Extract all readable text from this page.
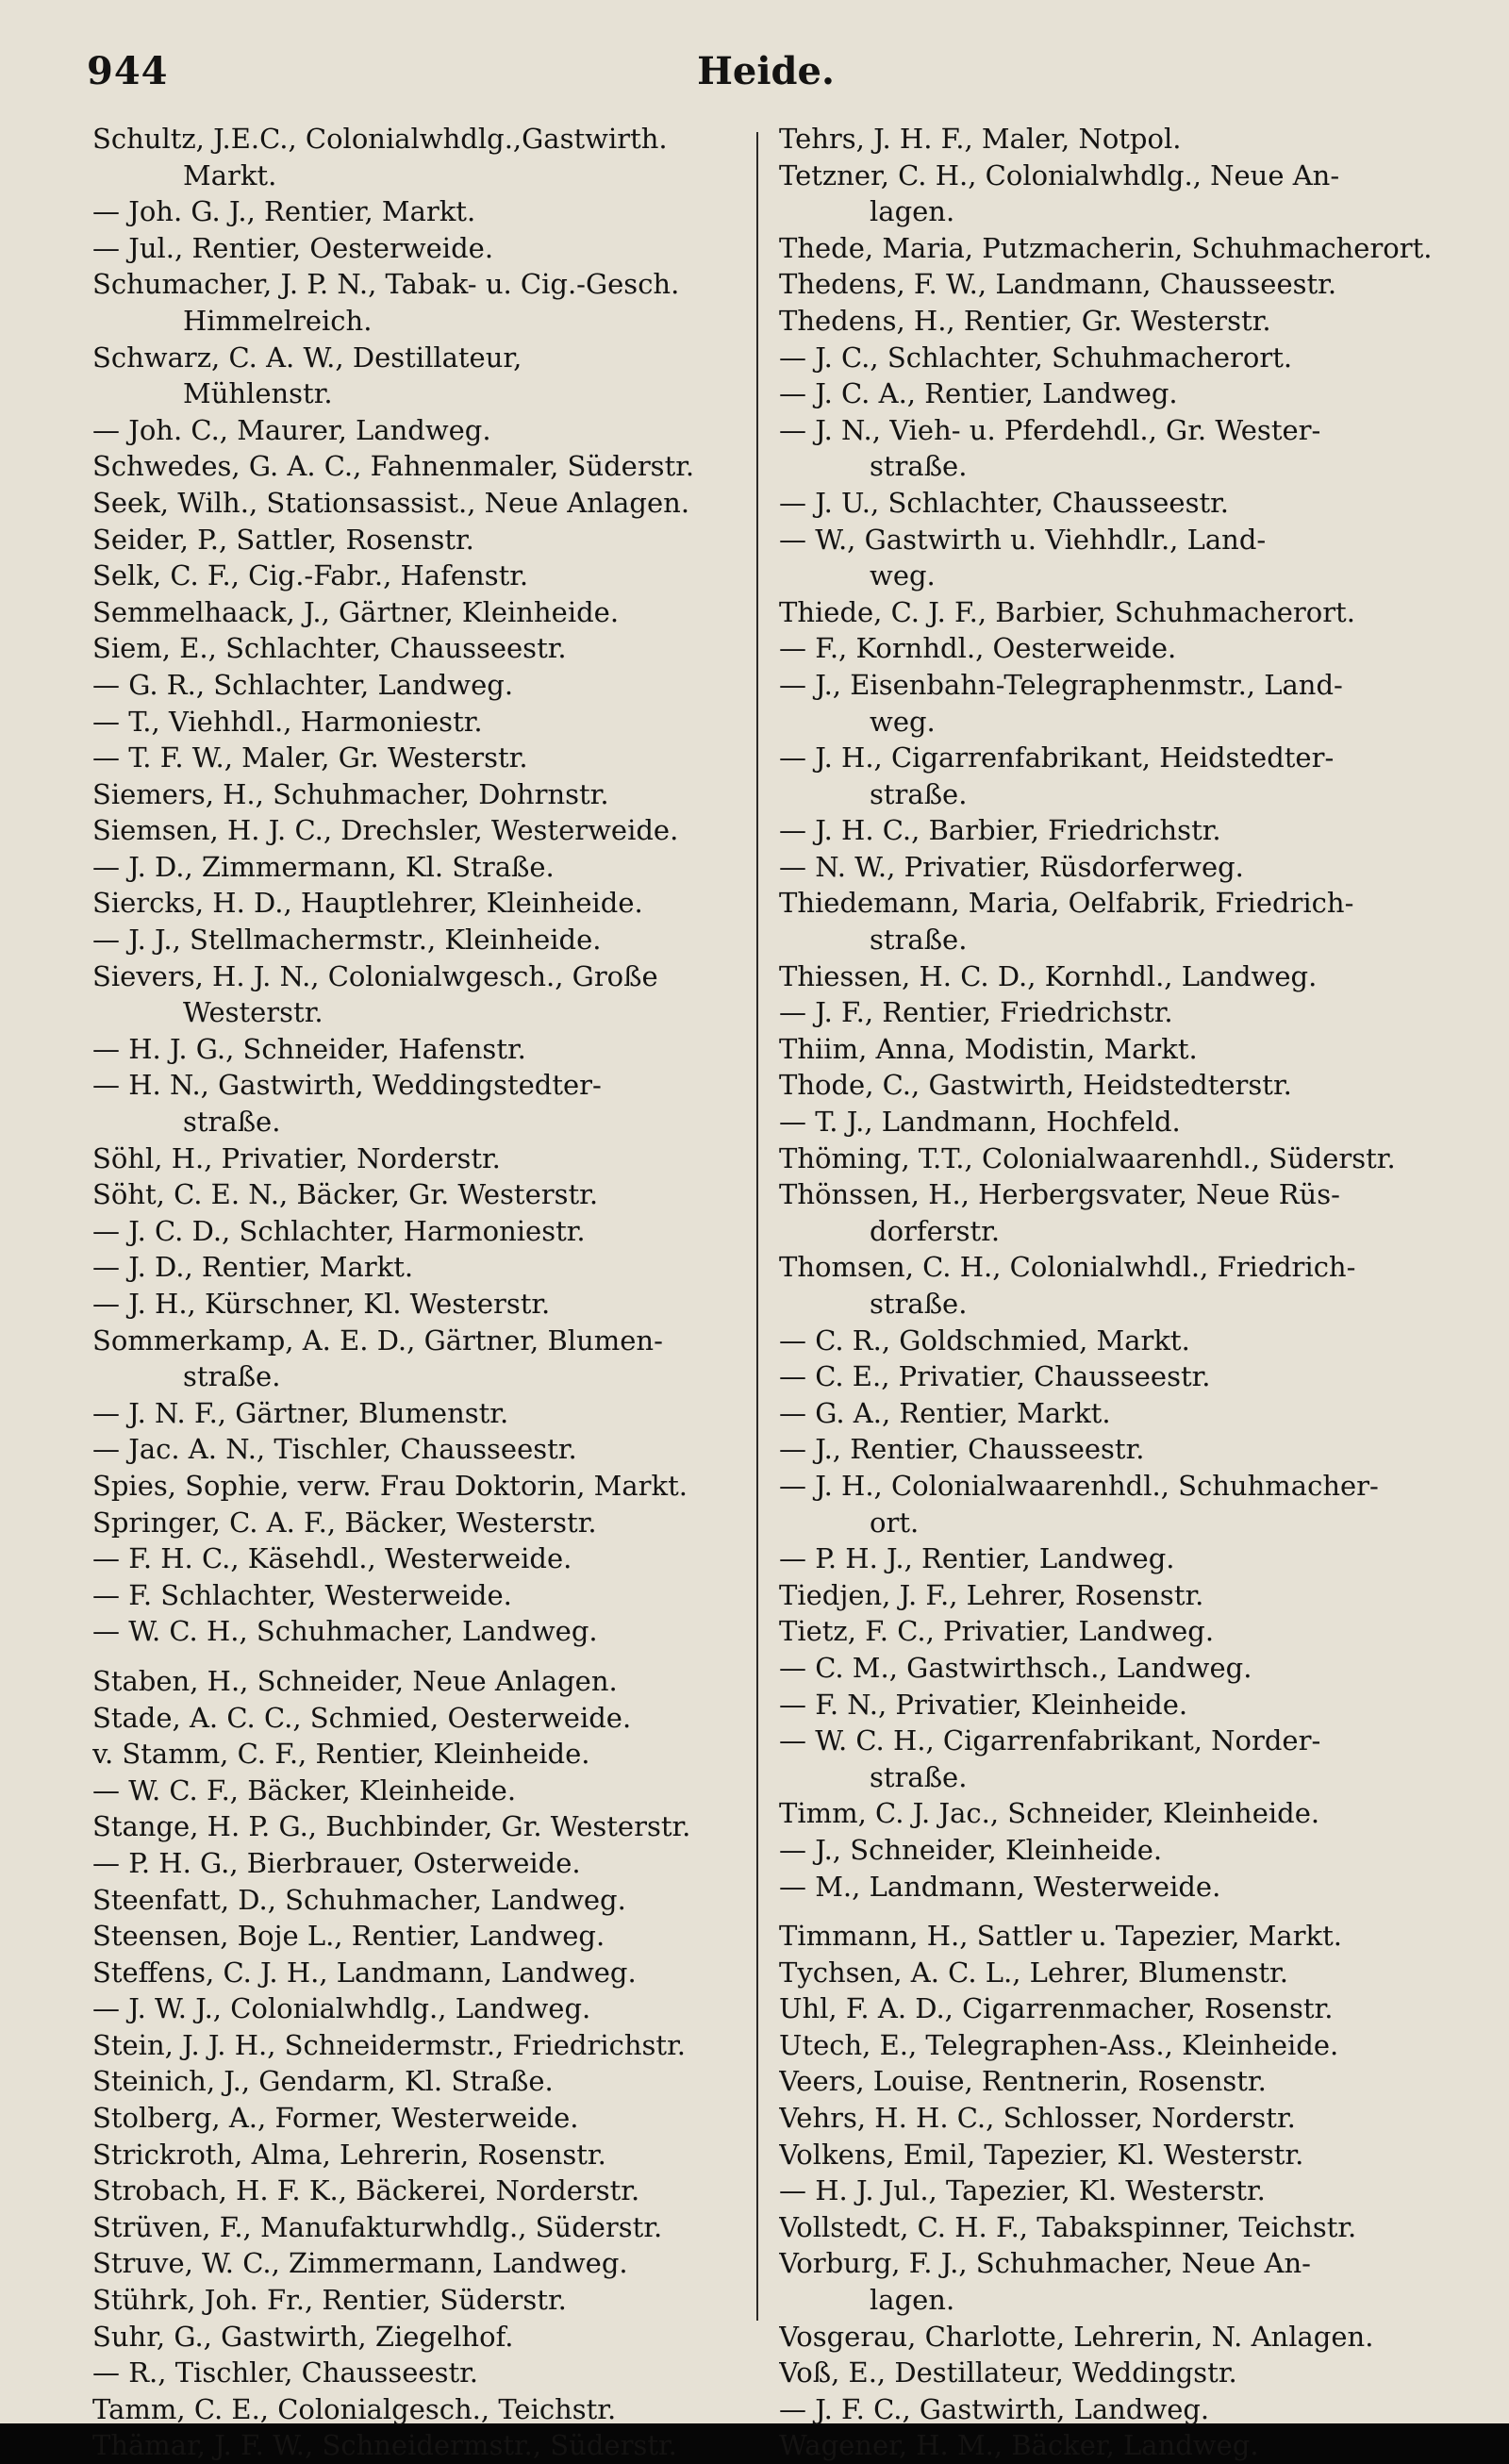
944	Heide.
Schultz, J.E.C., Colonialwhdlg.,Gastwirth.
Markt.
— Joh. G. J., Rentier, Markt.
— Jul., Rentier, Oesterweide.
Schumacher, J. P. N., Tabak- u. Cig.-Gesch.
Himmelreich.
Schwarz, C. A. W., Destillateur,
Mühlenstr.
— Joh. C., Maurer, Landweg.
Schwedes, G. A. C., Fahnenmaler, Süderstr.
Seek, Wilh., Stationsassist., Neue Anlagen.
Seider, P., Sattler, Rosenstr.
Selk, C. F., Cig.-Fabr., Hafenstr.
Semmelhaack, J., Gärtner, Kleinheide.
Siem, E., Schlachter, Chausseestr.
— G. R., Schlachter, Landweg.
— T., Viehhdl., Harmoniestr.
— T. F. W., Maler, Gr. Westerstr.
Siemers, H., Schuhmacher, Dohrnstr.
Siemsen, H. J. C., Drechsler, Westerweide.
— J. D., Zimmermann, Kl. Straße.
Siercks, H. D., Hauptlehrer, Kleinheide.
— J. J., Stellmachermstr., Kleinheide.
Sievers, H. J. N., Colonialwgesch., Große
Westerstr.
— H. J. G., Schneider, Hafenstr.
— H. N., Gastwirth, Weddingstedter-
straße.
Söhl, H., Privatier, Norderstr.
Söht, C. E. N., Bäcker, Gr. Westerstr.
— J. C. D., Schlachter, Harmoniestr.
— J. D., Rentier, Markt.
— J. H., Kürschner, Kl. Westerstr.
Sommerkamp, A. E. D., Gärtner, Blumen-
straße.
— J. N. F., Gärtner, Blumenstr.
— Jac. A. N., Tischler, Chausseestr.
Spies, Sophie, verw. Frau Doktorin, Markt.
Springer, C. A. F., Bäcker, Westerstr.
— F. H. C., Käsehdl., Westerweide.
— F. Schlachter, Westerweide.
— W. C. H., Schuhmacher, Landweg.
Staben, H., Schneider, Neue Anlagen.
Stade, A. C. C., Schmied, Oesterweide.
v. Stamm, C. F., Rentier, Kleinheide.
— W. C. F., Bäcker, Kleinheide.
Stange, H. P. G., Buchbinder, Gr. Westerstr.
— P. H. G., Bierbrauer, Osterweide.
Steenfatt, D., Schuhmacher, Landweg.
Steensen, Boje L., Rentier, Landweg.
Steffens, C. J. H., Landmann, Landweg.
— J. W. J., Colonialwhdlg., Landweg.
Stein, J. J. H., Schneidermstr., Friedrichstr.
Steinich, J., Gendarm, Kl. Straße.
Stolberg, A., Former, Westerweide.
Strickroth, Alma, Lehrerin, Rosenstr.
Strobach, H. F. K., Bäckerei, Norderstr.
Strüven, F., Manufakturwhdlg., Süderstr.
Struve, W. C., Zimmermann, Landweg.
Stührk, Joh. Fr., Rentier, Süderstr.
Suhr, G., Gastwirth, Ziegelhof.
— R., Tischler, Chausseestr.
Tamm, C. E., Colonialgesch., Teichstr.
Thämar, J. F. W., Schneidermstr., Süderstr.
Tehrs, J. H. F., Maler, Notpol.
Tetzner, C. H., Colonialwhdlg., Neue An-
lagen.
Thede, Maria, Putzmacherin, Schuhmacherort.
Thedens, F. W., Landmann, Chausseestr.
Thedens, H., Rentier, Gr. Westerstr.
— J. C., Schlachter, Schuhmacherort.
— J. C. A., Rentier, Landweg.
— J. N., Vieh- u. Pferdehdl., Gr. Wester-
straße.
— J. U., Schlachter, Chausseestr.
— W., Gastwirth u. Viehhdlr., Land-
weg.
Thiede, C. J. F., Barbier, Schuhmacherort.
— F., Kornhdl., Oesterweide.
— J., Eisenbahn-Telegraphenmstr., Land-
weg.
— J. H., Cigarrenfabrikant, Heidstedter-
straße.
— J. H. C., Barbier, Friedrichstr.
— N. W., Privatier, Rüsdorferweg.
Thiedemann, Maria, Oelfabrik, Friedrich-
straße.
Thiessen, H. C. D., Kornhdl., Landweg.
— J. F., Rentier, Friedrichstr.
Thiim, Anna, Modistin, Markt.
Thode, C., Gastwirth, Heidstedterstr.
— T. J., Landmann, Hochfeld.
Thöming, T.T., Colonialwaarenhdl., Süderstr.
Thönssen, H., Herbergsvater, Neue Rüs-
dorferstr.
Thomsen, C. H., Colonialwhdl., Friedrich-
straße.
— C. R., Goldschmied, Markt.
— C. E., Privatier, Chausseestr.
— G. A., Rentier, Markt.
— J., Rentier, Chausseestr.
— J. H., Colonialwaarenhdl., Schuhmacher-
ort.
— P. H. J., Rentier, Landweg.
Tiedjen, J. F., Lehrer, Rosenstr.
Tietz, F. C., Privatier, Landweg.
— C. M., Gastwirthsch., Landweg.
— F. N., Privatier, Kleinheide.
— W. C. H., Cigarrenfabrikant, Norder-
straße.
Timm, C. J. Jac., Schneider, Kleinheide.
— J., Schneider, Kleinheide.
— M., Landmann, Westerweide.
Timmann, H., Sattler u. Tapezier, Markt.
Tychsen, A. C. L., Lehrer, Blumenstr.
Uhl, F. A. D., Cigarrenmacher, Rosenstr.
Utech, E., Telegraphen-Ass., Kleinheide.
Veers, Louise, Rentnerin, Rosenstr.
Vehrs, H. H. C., Schlosser, Norderstr.
Volkens, Emil, Tapezier, Kl. Westerstr.
— H. J. Jul., Tapezier, Kl. Westerstr.
Vollstedt, C. H. F., Tabakspinner, Teichstr.
Vorburg, F. J., Schuhmacher, Neue An-
lagen.
Vosgerau, Charlotte, Lehrerin, N. Anlagen.
Voß, E., Destillateur, Weddingstr.
— J. F. C., Gastwirth, Landweg.
Wagener, H. M., Bäcker, Landweg.
